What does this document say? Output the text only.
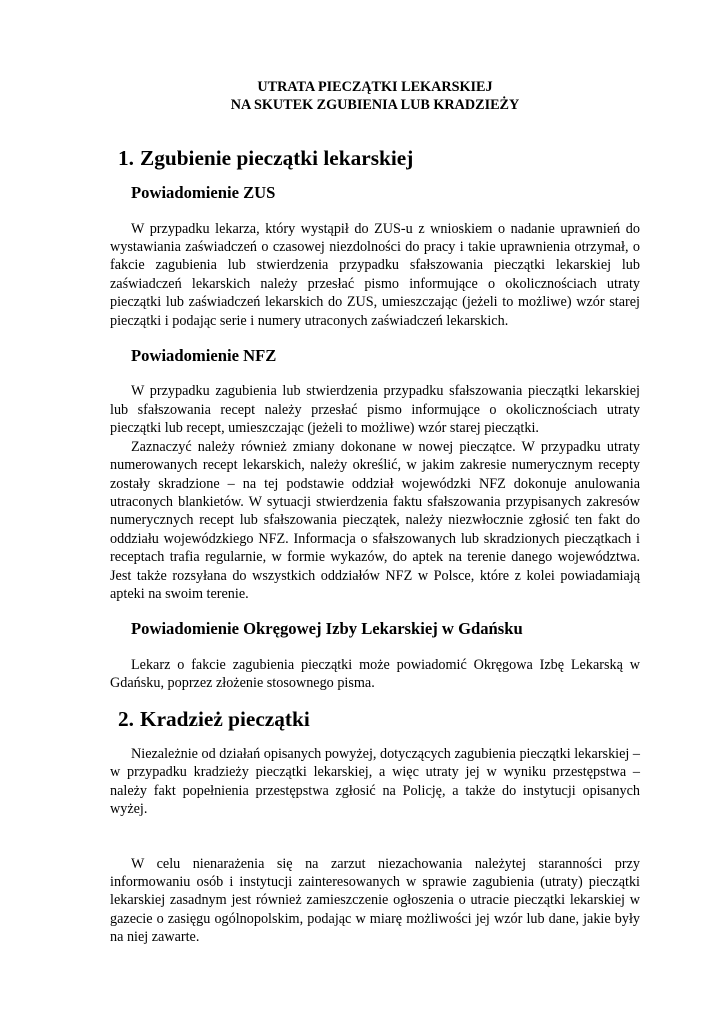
UTRATA PIECZĄTKI LEKARSKIEJ
NA SKUTEK ZGUBIENIA LUB KRADZIEŻY
1. Zgubienie pieczątki lekarskiej
Powiadomienie ZUS

W przypadku lekarza, który wystąpił do ZUS-u z wnioskiem o nadanie uprawnień do wystawiania zaświadczeń o czasowej niezdolności do pracy i takie uprawnienia otrzymał, o fakcie zagubienia lub stwierdzenia przypadku sfałszowania pieczątki lekarskiej lub zaświadczeń lekarskich należy przesłać pismo informujące o okolicznościach utraty pieczątki lub zaświadczeń lekarskich do ZUS, umieszczając (jeżeli to możliwe) wzór starej pieczątki i podając serie i numery utraconych zaświadczeń lekarskich.

Powiadomienie NFZ

W przypadku zagubienia lub stwierdzenia przypadku sfałszowania pieczątki lekarskiej lub sfałszowania recept należy przesłać pismo informujące o okolicznościach utraty pieczątki lub recept, umieszczając (jeżeli to możliwe) wzór starej pieczątki.

Zaznaczyć należy również zmiany dokonane w nowej pieczątce. W przypadku utraty numerowanych recept lekarskich, należy określić, w jakim zakresie numerycznym recepty zostały skradzione – na tej podstawie oddział wojewódzki NFZ dokonuje anulowania utraconych blankietów. W sytuacji stwierdzenia faktu sfałszowania przypisanych zakresów numerycznych recept lub sfałszowania pieczątek, należy niezwłocznie zgłosić ten fakt do oddziału wojewódzkiego NFZ. Informacja o sfałszowanych lub skradzionych pieczątkach i receptach trafia regularnie, w formie wykazów, do aptek na terenie danego województwa. Jest także rozsyłana do wszystkich oddziałów NFZ w Polsce, które z kolei powiadamiają apteki na swoim terenie.

Powiadomienie Okręgowej Izby Lekarskiej w Gdańsku

Lekarz o fakcie zagubienia pieczątki może powiadomić Okręgowa Izbę Lekarską w Gdańsku, poprzez złożenie stosownego pisma.

2. Kradzież pieczątki

Niezależnie od działań opisanych powyżej, dotyczących zagubienia pieczątki lekarskiej – w przypadku kradzieży pieczątki lekarskiej, a więc utraty jej w wyniku przestępstwa – należy fakt popełnienia przestępstwa zgłosić na Policję, a także do instytucji opisanych wyżej.

W celu nienarażenia się na zarzut niezachowania należytej staranności przy informowaniu osób i instytucji zainteresowanych w sprawie zagubienia (utraty) pieczątki lekarskiej zasadnym jest również zamieszczenie ogłoszenia o utracie pieczątki lekarskiej w gazecie o zasięgu ogólnopolskim, podając w miarę możliwości jej wzór lub dane, jakie były na niej zawarte.
